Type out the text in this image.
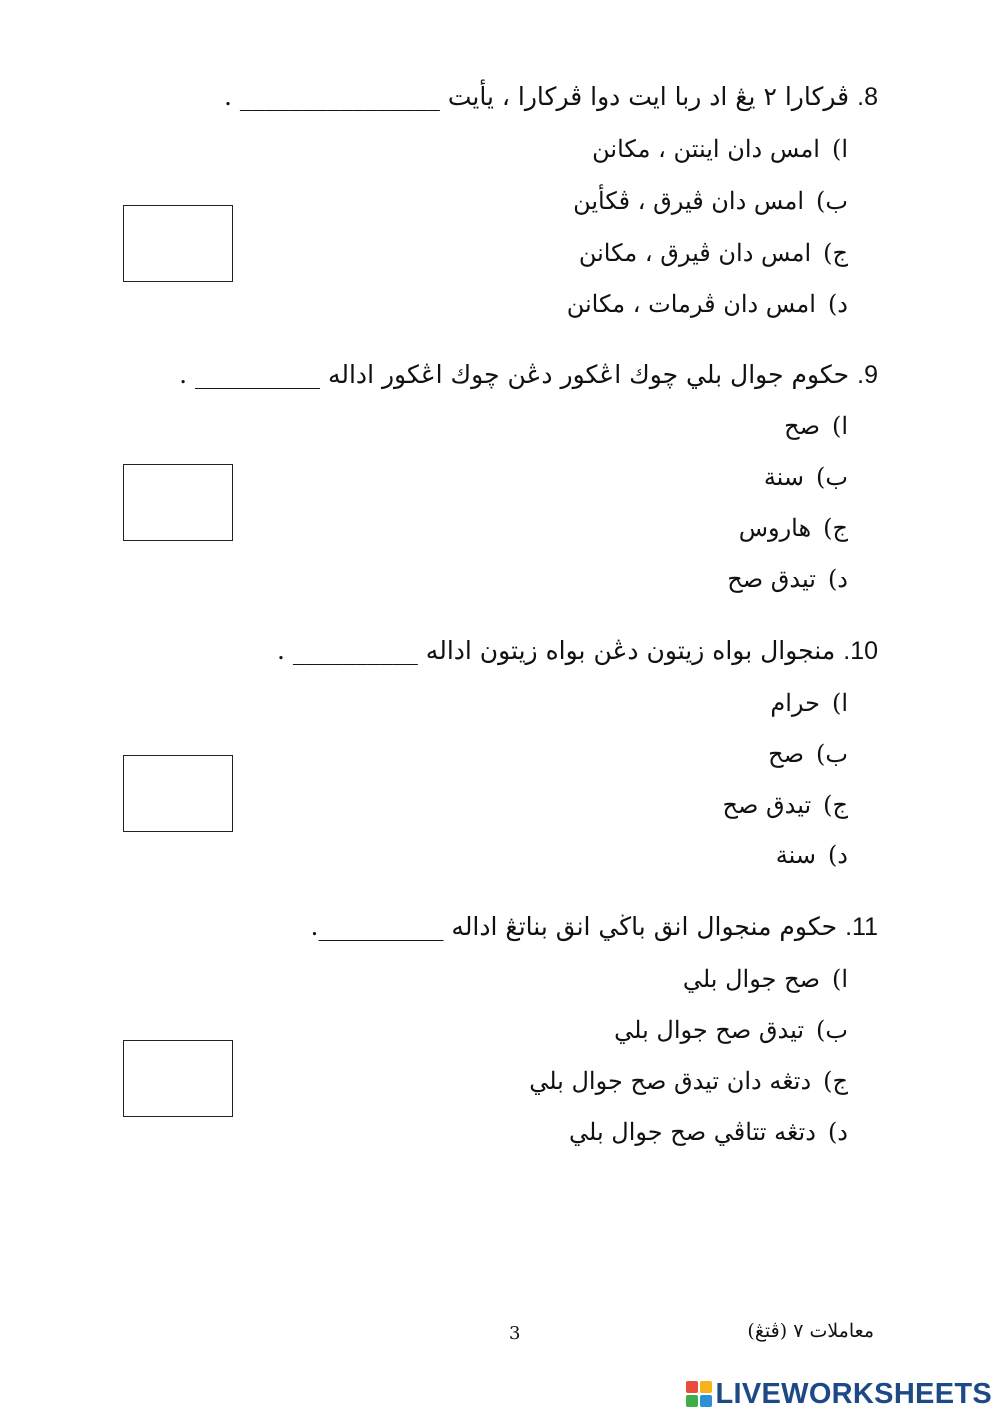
8.ڤركارا ٢ يڠ اد ربا ايت دوا ڤركارا ، يأيت ________________ .
ا)امس دان اينتن ، مكانن
ب)امس دان ڤيرق ، ڤكأين
ج)امس دان ڤيرق ، مكانن
د)امس دان ڤرمات ، مكانن
9.حكوم جوال بلي چوك اڠكور دڠن چوك اڠكور اداله __________ .
ا)صح
ب)سنة
ج)هاروس
د)تيدق صح
10.منجوال بواه زيتون دڠن بواه زيتون اداله __________ .
ا)حرام
ب)صح
ج)تيدق صح
د)سنة
11.حكوم منجوال انق باڬي انق بناتڠ اداله __________.
ا)صح جوال بلي
ب)تيدق صح جوال بلي
ج)دتڠه دان تيدق صح جوال بلي
د)دتڠه تتاڤي صح جوال بلي
معاملات ٧ (ڤتڠ)
3
LIVEWORKSHEETS
